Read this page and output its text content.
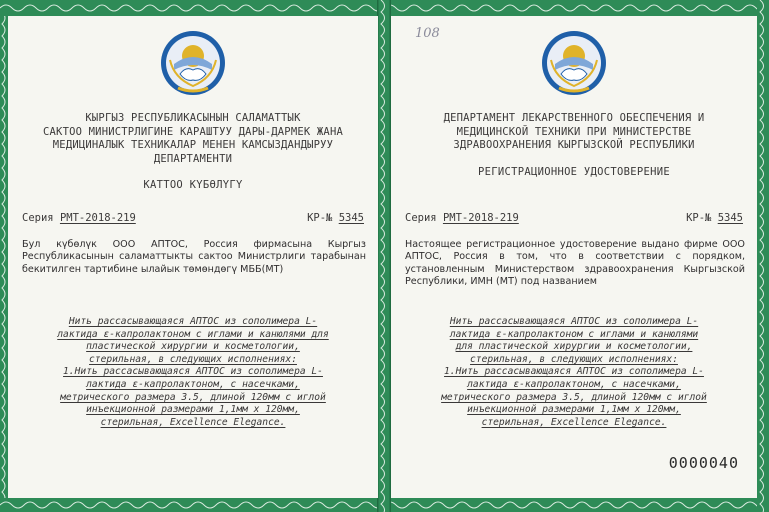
КЫРГЫЗ РЕСПУБЛИКАСЫНЫН САЛАМАТТЫК
САКТОО МИНИСТРЛИГИНЕ КАРАШТУУ ДАРЫ-ДАРМЕК ЖАНА
МЕДИЦИНАЛЫК ТЕХНИКАЛАР МЕНЕН КАМСЫЗДАНДЫРУУ
ДЕПАРТАМЕНТИ
КАТТОО КҮБӨЛҮГҮ
Серия РМТ-2018-219	КР-№ 5345
Бул күбөлүк ООО АПТОС, Россия фирмасына Кыргыз Республикасынын саламаттыкты сактоо Министрлиги тарабынан бекитилген тартибине ылайык төмөндөгү МББ(МТ)
Нить рассасывающаяся АПТОС из сополимера L-
лактида ε-капролактоном с иглами и канюлями для
пластической хирургии и косметологии,
стерильная, в следующих исполнениях:
1.Нить рассасывающаяся АПТОС из сополимера L-
лактида ε-капролактоном, с насечками,
метрического размера 3.5, длиной 120мм с иглой
инъекционной размерами 1,1мм х 120мм,
стерильная, Excellence Elegance.
108
ДЕПАРТАМЕНТ ЛЕКАРСТВЕННОГО ОБЕСПЕЧЕНИЯ И
МЕДИЦИНСКОЙ ТЕХНИКИ ПРИ МИНИСТЕРСТВЕ
ЗДРАВООХРАНЕНИЯ КЫРГЫЗСКОЙ РЕСПУБЛИКИ
РЕГИСТРАЦИОННОЕ УДОСТОВЕРЕНИЕ
Серия РМТ-2018-219	КР-№ 5345
Настоящее регистрационное удостоверение выдано фирме ООО АПТОС, Россия в том, что в соответствии с порядком, установленным Министерством здравоохранения Кыргызской Республики, ИМН (МТ) под названием
Нить рассасывающаяся АПТОС из сополимера L-
лактида ε-капролактоном с иглами и канюлями
для пластической хирургии и косметологии,
стерильная, в следующих исполнениях:
1.Нить рассасывающаяся АПТОС из сополимера L-
лактида ε-капролактоном, с насечками,
метрического размера 3.5, длиной 120мм с иглой
инъекционной размерами 1,1мм х 120мм,
стерильная, Excellence Elegance.
0000040
